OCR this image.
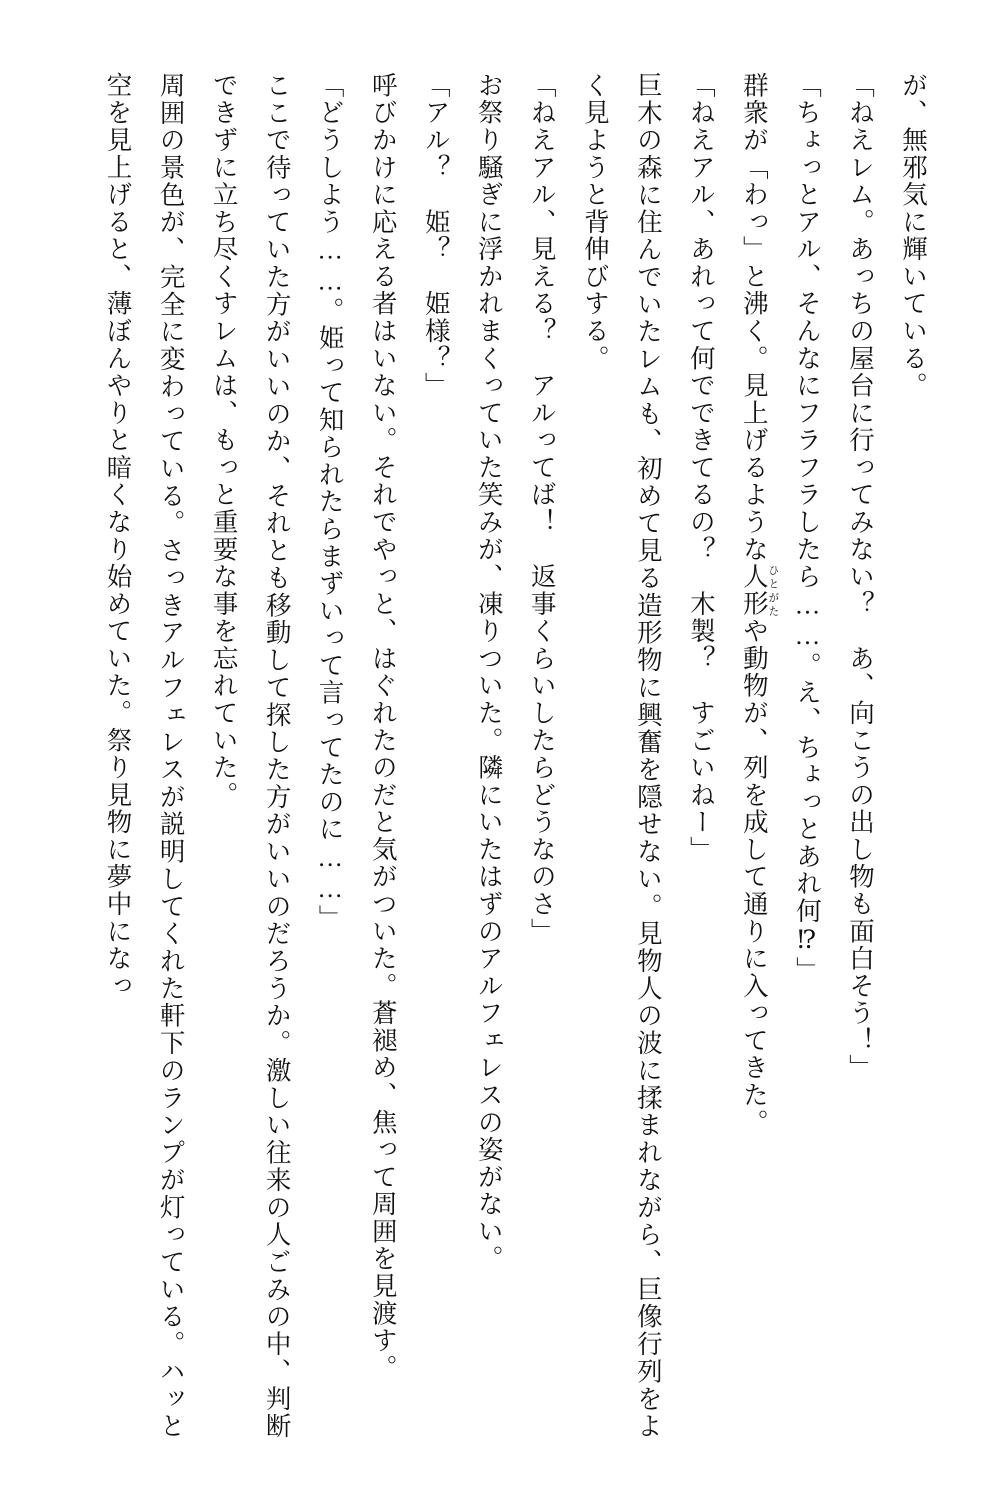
が、無邪気に輝いている。

「ねえレム。あっちの屋台に行ってみない？　あ、向こうの出し物も面白そう！」

「ちょっとアル、そんなにフラフラしたら……。え、ちょっとあれ何⁉」

群衆が「わっ」と沸く。見上げるような人形ひとがたや動物が、列を成して通りに入ってきた。

「ねえアル、あれって何でできてるの？　木製？　すごいねー」

巨木の森に住んでいたレムも、初めて見る造形物に興奮を隠せない。見物人の波に揉まれながら、巨像行列をよく見ようと背伸びする。

「ねえアル、見える？　アルってば！　返事くらいしたらどうなのさ」

お祭り騒ぎに浮かれまくっていた笑みが、凍りついた。隣にいたはずのアルフェレスの姿がない。

「アル？　姫？　姫様？」

呼びかけに応える者はいない。それでやっと、はぐれたのだと気がついた。蒼褪め、焦って周囲を見渡す。

「どうしよう……。姫って知られたらまずいって言ってたのに……」

ここで待っていた方がいいのか、それとも移動して探した方がいいのだろうか。激しい往来の人ごみの中、判断できずに立ち尽くすレムは、もっと重要な事を忘れていた。

周囲の景色が、完全に変わっている。さっきアルフェレスが説明してくれた軒下のランプが灯っている。ハッと空を見上げると、薄ぼんやりと暗くなり始めていた。祭り見物に夢中になっ
